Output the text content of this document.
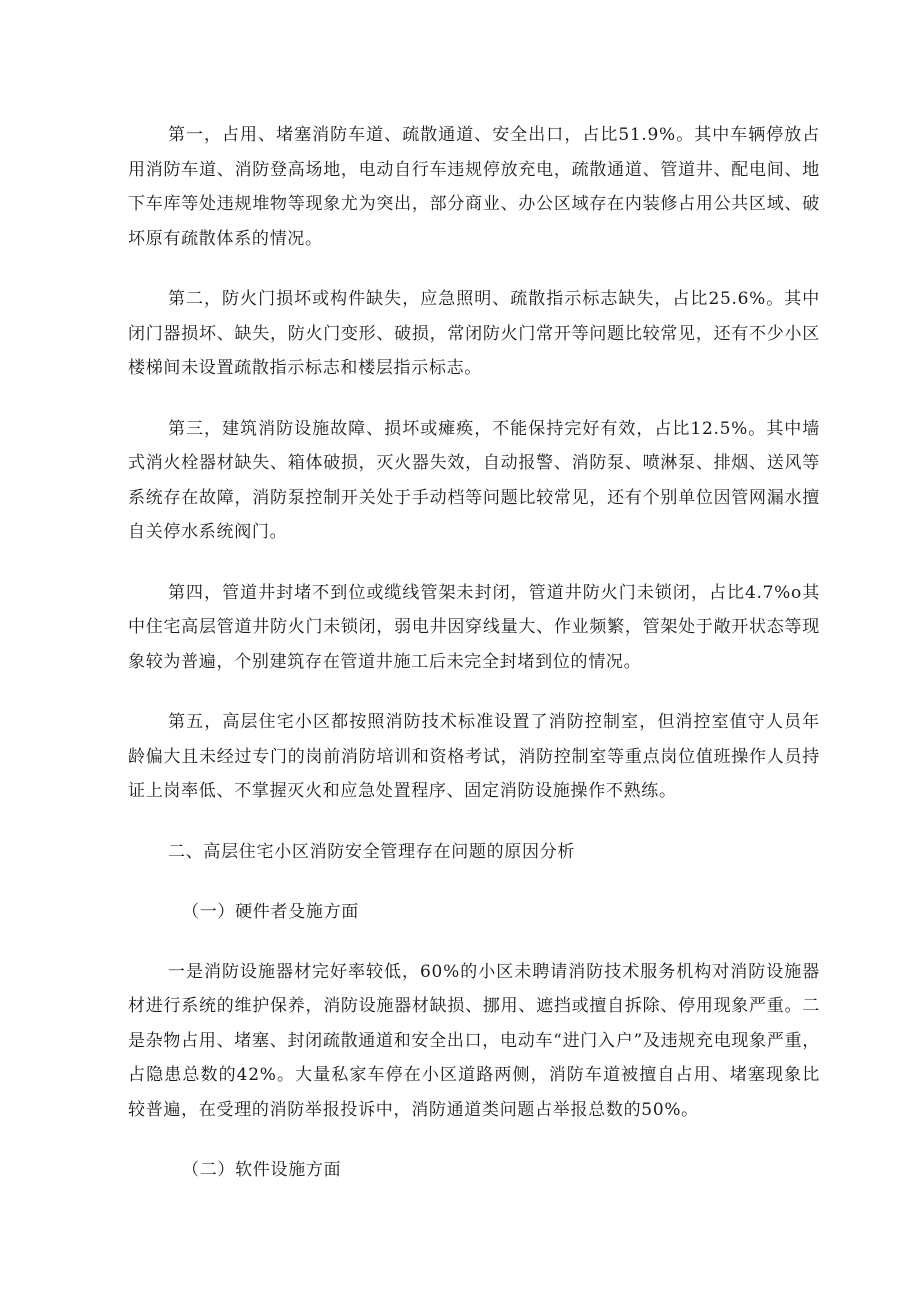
第一，占用、堵塞消防车道、疏散通道、安全出口，占比51.9%。其中车辆停放占用消防车道、消防登高场地，电动自行车违规停放充电，疏散通道、管道井、配电间、地下车库等处违规堆物等现象尤为突出，部分商业、办公区域存在内装修占用公共区域、破坏原有疏散体系的情况。

第二，防火门损坏或构件缺失，应急照明、疏散指示标志缺失，占比25.6%。其中闭门器损坏、缺失，防火门变形、破损，常闭防火门常开等问题比较常见，还有不少小区楼梯间未设置疏散指示标志和楼层指示标志。

第三，建筑消防设施故障、损坏或瘫痪，不能保持完好有效，占比12.5%。其中墙式消火栓器材缺失、箱体破损，灭火器失效，自动报警、消防泵、喷淋泵、排烟、送风等系统存在故障，消防泵控制开关处于手动档等问题比较常见，还有个别单位因管网漏水擅自关停水系统阀门。

第四，管道井封堵不到位或缆线管架未封闭，管道井防火门未锁闭，占比4.7%o其中住宅高层管道井防火门未锁闭，弱电井因穿线量大、作业频繁，管架处于敞开状态等现象较为普遍，个别建筑存在管道井施工后未完全封堵到位的情况。

第五，高层住宅小区都按照消防技术标准设置了消防控制室，但消控室值守人员年龄偏大且未经过专门的岗前消防培训和资格考试，消防控制室等重点岗位值班操作人员持证上岗率低、不掌握灭火和应急处置程序、固定消防设施操作不熟练。

二、高层住宅小区消防安全管理存在问题的原因分析

（一）硬件者殳施方面

一是消防设施器材完好率较低，60%的小区未聘请消防技术服务机构对消防设施器材进行系统的维护保养，消防设施器材缺损、挪用、遮挡或擅自拆除、停用现象严重。二是杂物占用、堵塞、封闭疏散通道和安全出口，电动车“进门入户”及违规充电现象严重，占隐患总数的42%。大量私家车停在小区道路两侧，消防车道被擅自占用、堵塞现象比较普遍，在受理的消防举报投诉中，消防通道类问题占举报总数的50%。

（二）软件设施方面
